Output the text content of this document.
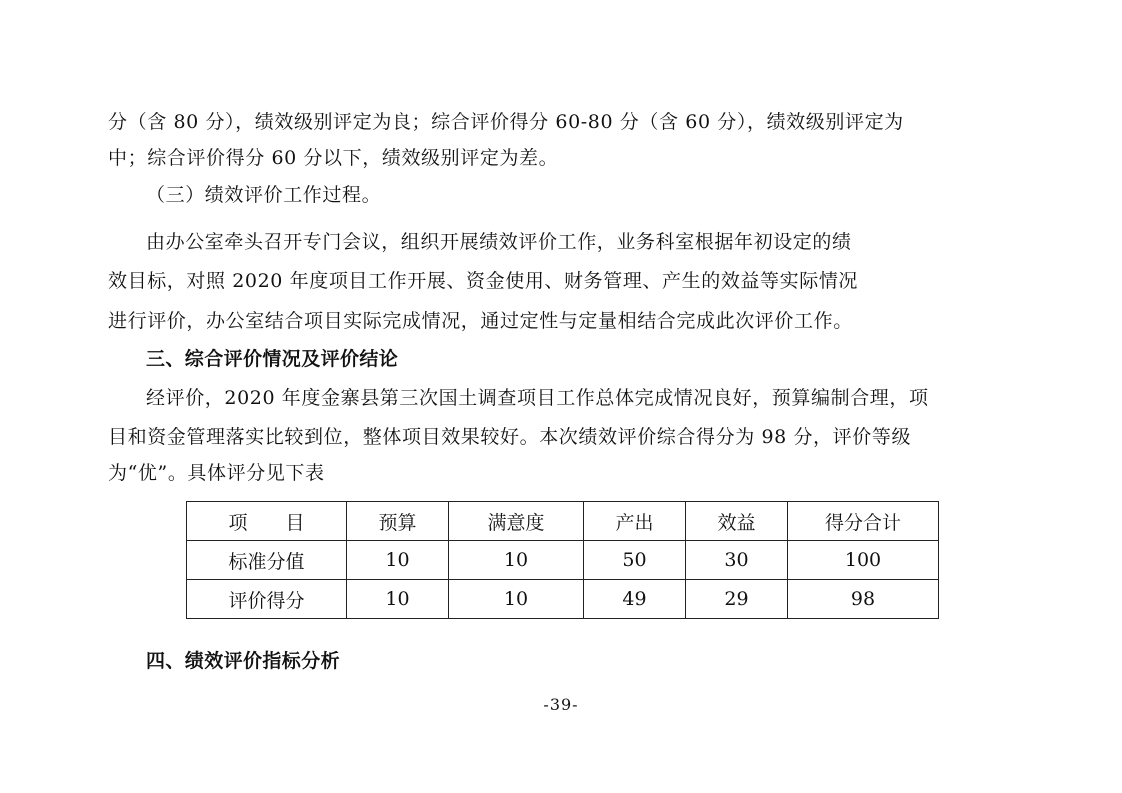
分（含 80 分），绩效级别评定为良；综合评价得分 60-80 分（含 60 分），绩效级别评定为
中；综合评价得分 60 分以下，绩效级别评定为差。
（三）绩效评价工作过程。
由办公室牵头召开专门会议，组织开展绩效评价工作，业务科室根据年初设定的绩
效目标，对照 2020 年度项目工作开展、资金使用、财务管理、产生的效益等实际情况
进行评价，办公室结合项目实际完成情况，通过定性与定量相结合完成此次评价工作。
三、综合评价情况及评价结论
经评价，2020 年度金寨县第三次国土调查项目工作总体完成情况良好，预算编制合理，项
目和资金管理落实比较到位，整体项目效果较好。本次绩效评价综合得分为 98 分，评价等级
为“优”。具体评分见下表
项　　目	预算	满意度	产出	效益	得分合计
标准分值	10	10	50	30	100
评价得分	10	10	49	29	98
四、绩效评价指标分析
-39-
